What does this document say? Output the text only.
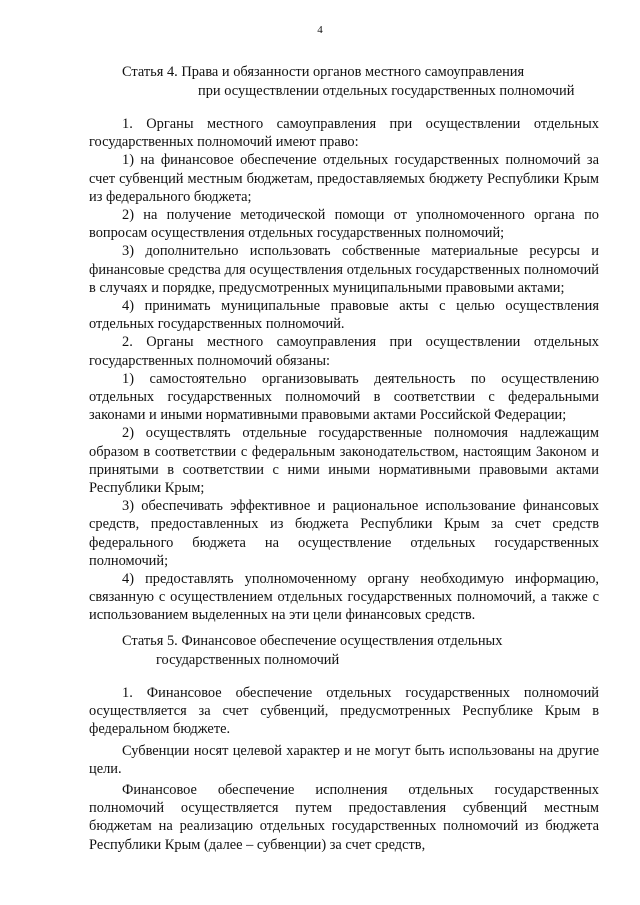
4
Статья 4. Права и обязанности органов местного самоуправления
при осуществлении отдельных государственных полномочий

1. Органы местного самоуправления при осуществлении отдельных государственных полномочий имеют право:

1) на финансовое обеспечение отдельных государственных полномочий за счет субвенций местным бюджетам, предоставляемых бюджету Республики Крым из федерального бюджета;

2) на получение методической помощи от уполномоченного органа по вопросам осуществления отдельных государственных полномочий;

3) дополнительно использовать собственные материальные ресурсы и финансовые средства для осуществления отдельных государственных полномочий в случаях и порядке, предусмотренных муниципальными правовыми актами;

4) принимать муниципальные правовые акты с целью осуществления отдельных государственных полномочий.

2. Органы местного самоуправления при осуществлении отдельных государственных полномочий обязаны:

1) самостоятельно организовывать деятельность по осуществлению отдельных государственных полномочий в соответствии с федеральными законами и иными нормативными правовыми актами Российской Федерации;

2) осуществлять отдельные государственные полномочия надлежащим образом в соответствии с федеральным законодательством, настоящим Законом и принятыми в соответствии с ними иными нормативными правовыми актами Республики Крым;

3) обеспечивать эффективное и рациональное использование финансовых средств, предоставленных из бюджета Республики Крым за счет средств федерального бюджета на осуществление отдельных государственных полномочий;

4) предоставлять уполномоченному органу необходимую информацию, связанную с осуществлением отдельных государственных полномочий, а также с использованием выделенных на эти цели финансовых средств.

Статья 5. Финансовое обеспечение осуществления отдельных
государственных полномочий

1. Финансовое обеспечение отдельных государственных полномочий осуществляется за счет субвенций, предусмотренных Республике Крым в федеральном бюджете.

Субвенции носят целевой характер и не могут быть использованы на другие цели.

Финансовое обеспечение исполнения отдельных государственных полномочий осуществляется путем предоставления субвенций местным бюджетам на реализацию отдельных государственных полномочий из бюджета Республики Крым (далее – субвенции) за счет средств,
